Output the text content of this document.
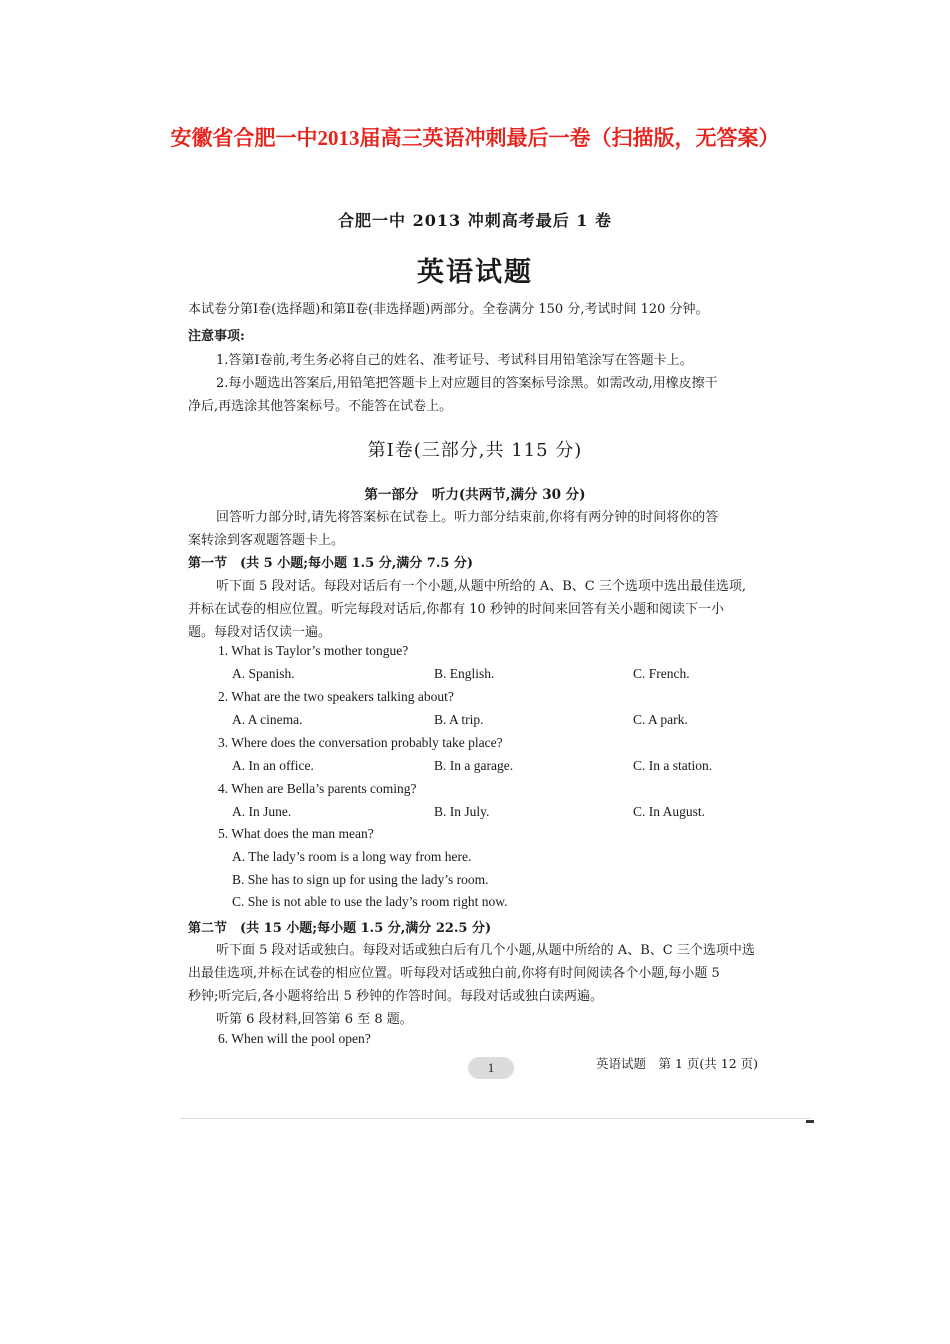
安徽省合肥一中2013届高三英语冲刺最后一卷（扫描版，无答案）
合肥一中 2013 冲刺高考最后 1 卷
英语试题
本试卷分第Ⅰ卷(选择题)和第Ⅱ卷(非选择题)两部分。全卷满分 150 分,考试时间 120 分钟。
注意事项:
1.答第Ⅰ卷前,考生务必将自己的姓名、准考证号、考试科目用铅笔涂写在答题卡上。
2.每小题选出答案后,用铅笔把答题卡上对应题目的答案标号涂黑。如需改动,用橡皮擦干
净后,再选涂其他答案标号。不能答在试卷上。
第Ⅰ卷(三部分,共 115 分)
第一部分　听力(共两节,满分 30 分)
回答听力部分时,请先将答案标在试卷上。听力部分结束前,你将有两分钟的时间将你的答
案转涂到客观题答题卡上。
第一节　(共 5 小题;每小题 1.5 分,满分 7.5 分)
听下面 5 段对话。每段对话后有一个小题,从题中所给的 A、B、C 三个选项中选出最佳选项,
并标在试卷的相应位置。听完每段对话后,你都有 10 秒钟的时间来回答有关小题和阅读下一小
题。每段对话仅读一遍。
1. What is Taylor’s mother tongue?
A. Spanish.	B. English.	C. French.
2. What are the two speakers talking about?
A. A cinema.	B. A trip.	C. A park.
3. Where does the conversation probably take place?
A. In an office.	B. In a garage.	C. In a station.
4. When are Bella’s parents coming?
A. In June.	B. In July.	C. In August.
5. What does the man mean?
A. The lady’s room is a long way from here.
B. She has to sign up for using the lady’s room.
C. She is not able to use the lady’s room right now.
第二节　(共 15 小题;每小题 1.5 分,满分 22.5 分)
听下面 5 段对话或独白。每段对话或独白后有几个小题,从题中所给的 A、B、C 三个选项中选
出最佳选项,并标在试卷的相应位置。听每段对话或独白前,你将有时间阅读各个小题,每小题 5
秒钟;听完后,各小题将给出 5 秒钟的作答时间。每段对话或独白读两遍。
听第 6 段材料,回答第 6 至 8 题。
6. When will the pool open?
1	英语试题　第 1 页(共 12 页)
